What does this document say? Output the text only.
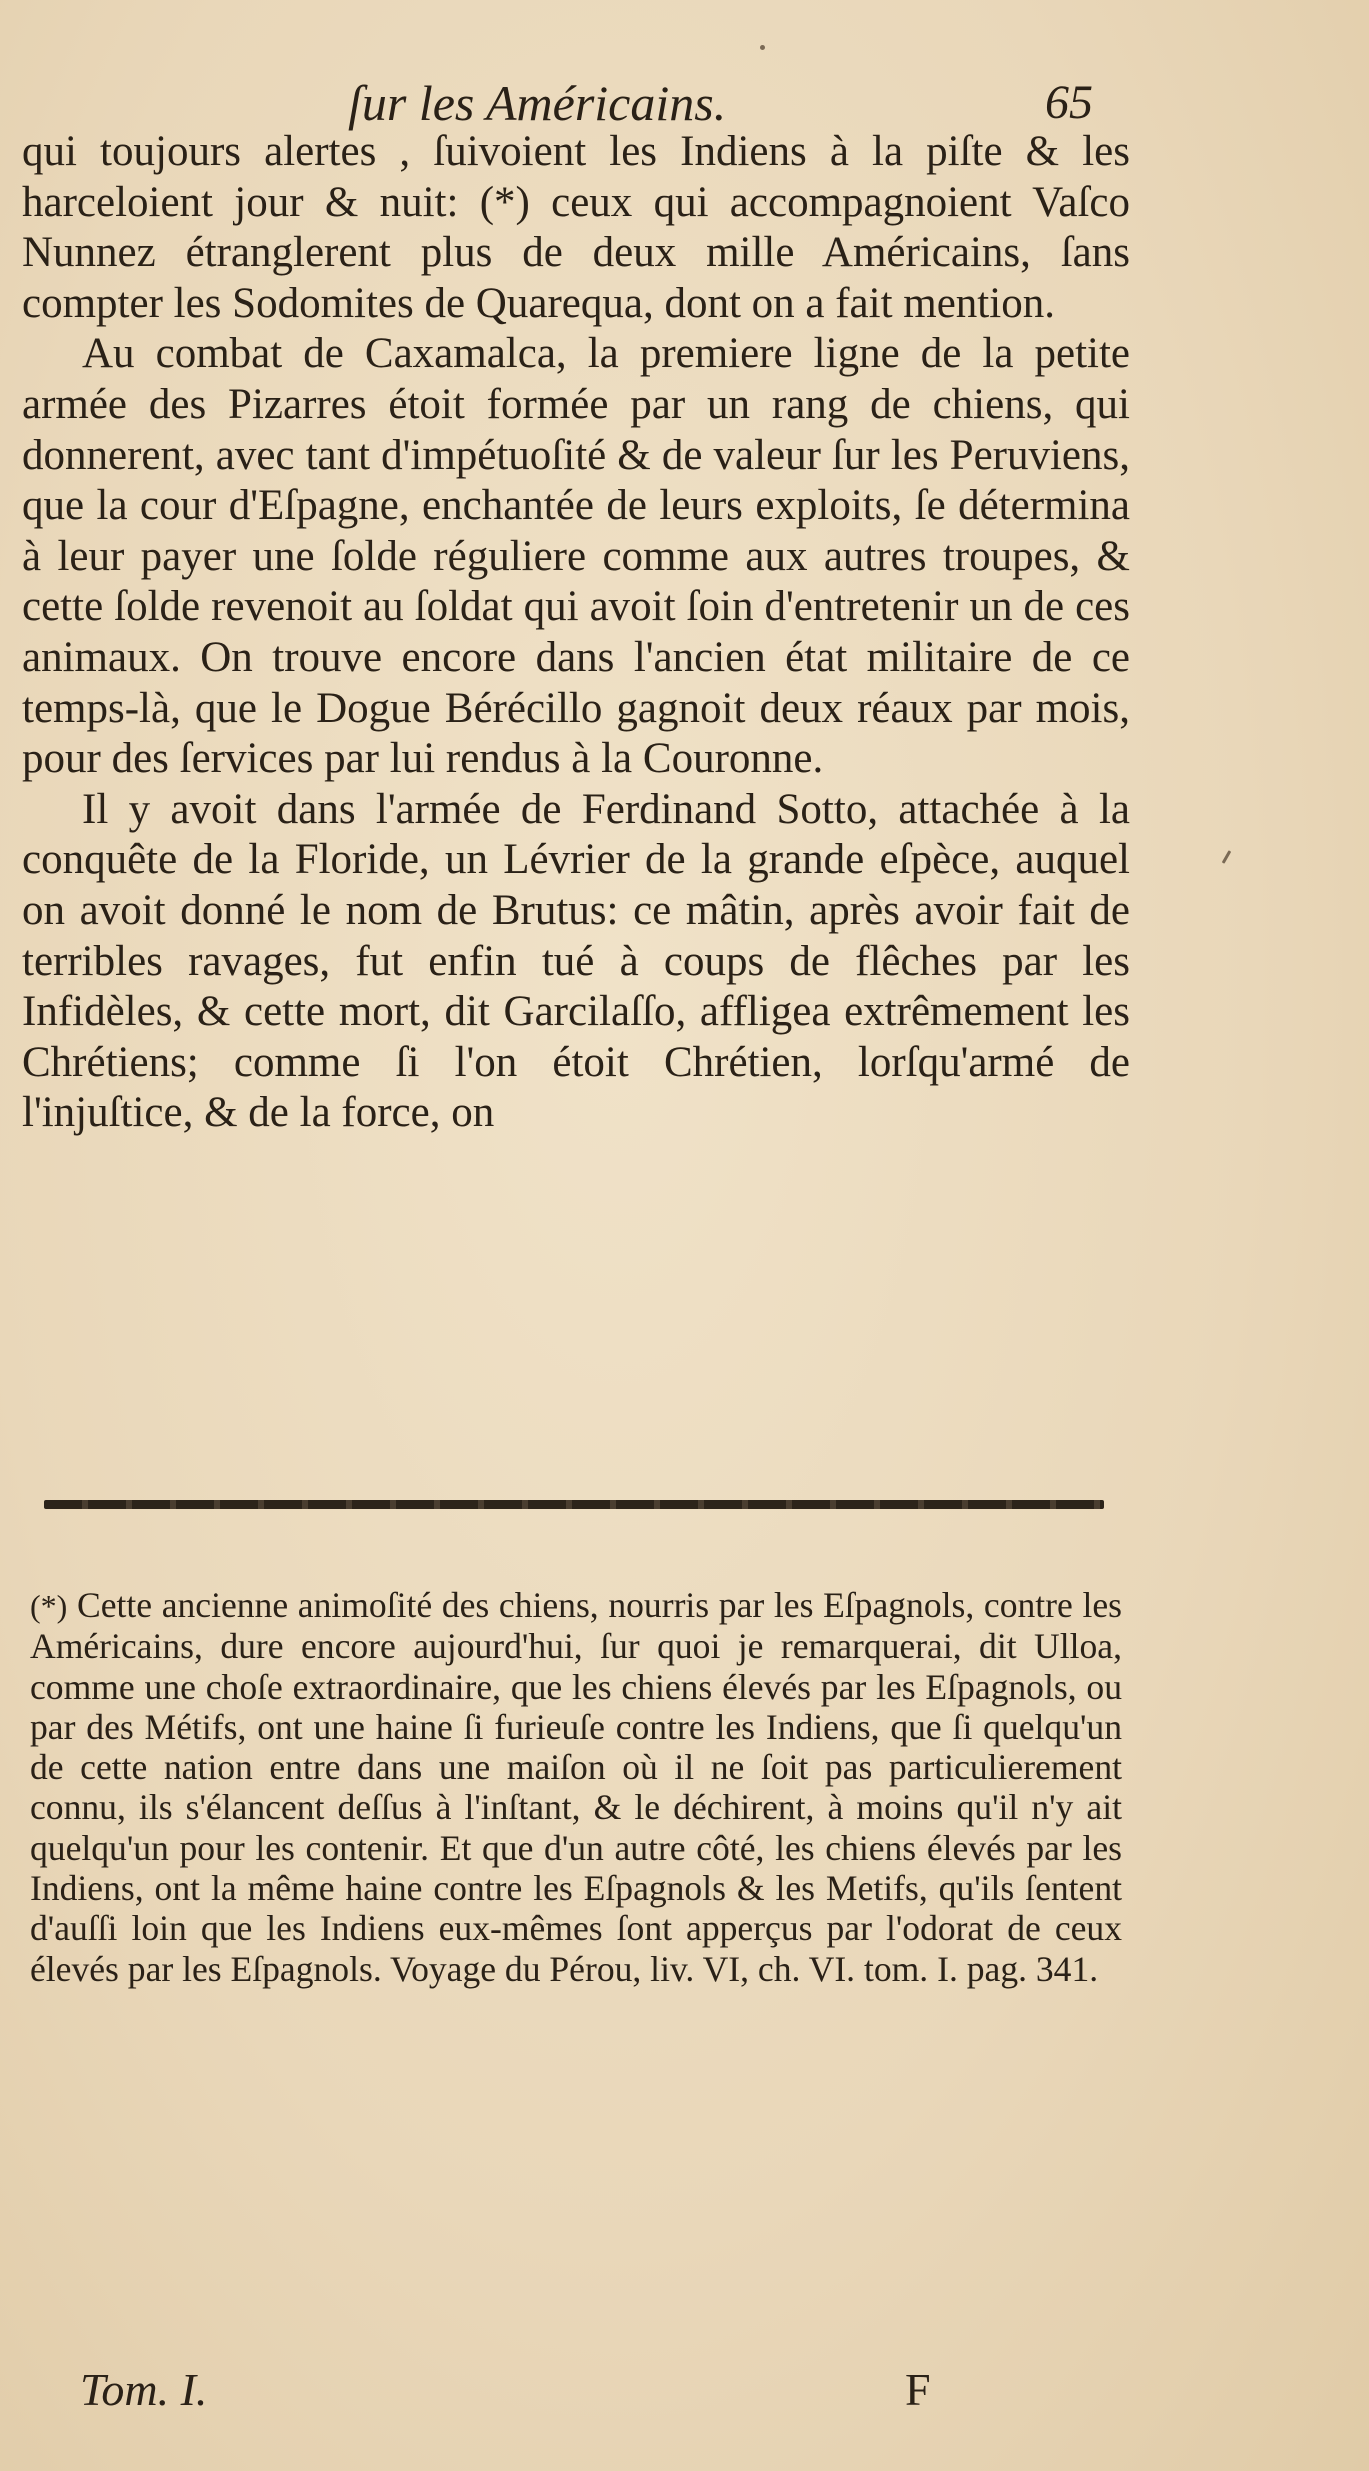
ſur les Américains.	65

qui toujours alertes , ſuivoient les Indiens à la piſte & les harceloient jour & nuit: (*) ceux qui accompagnoient Vaſco Nunnez étranglerent plus de deux mille Américains, ſans compter les Sodomites de Quarequa, dont on a fait mention.

Au combat de Caxamalca, la premiere ligne de la petite armée des Pizarres étoit formée par un rang de chiens, qui donnerent, avec tant d'impétuoſité & de valeur ſur les Peruviens, que la cour d'Eſpagne, enchantée de leurs exploits, ſe détermina à leur payer une ſolde réguliere comme aux autres troupes, & cette ſolde revenoit au ſoldat qui avoit ſoin d'entretenir un de ces animaux. On trouve encore dans l'ancien état militaire de ce temps-là, que le Dogue Bérécillo gagnoit deux réaux par mois, pour des ſervices par lui rendus à la Couronne.

Il y avoit dans l'armée de Ferdinand Sotto, attachée à la conquête de la Floride, un Lévrier de la grande eſpèce, auquel on avoit donné le nom de Brutus: ce mâtin, après avoir fait de terribles ravages, fut enfin tué à coups de flêches par les Infidèles, & cette mort, dit Garcilaſſo, affligea extrêmement les Chrétiens; comme ſi l'on étoit Chrétien, lorſqu'armé de l'injuſtice, & de la force, on

(*) Cette ancienne animoſité des chiens, nourris par les Eſpagnols, contre les Américains, dure encore aujourd'hui, ſur quoi je remarquerai, dit Ulloa, comme une choſe extraordinaire, que les chiens élevés par les Eſpagnols, ou par des Métifs, ont une haine ſi furieuſe contre les Indiens, que ſi quelqu'un de cette nation entre dans une maiſon où il ne ſoit pas particulierement connu, ils s'élancent deſſus à l'inſtant, & le déchirent, à moins qu'il n'y ait quelqu'un pour les contenir. Et que d'un autre côté, les chiens élevés par les Indiens, ont la même haine contre les Eſpagnols & les Metifs, qu'ils ſentent d'auſſi loin que les Indiens eux-mêmes ſont apperçus par l'odorat de ceux élevés par les Eſpagnols. Voyage du Pérou, liv. VI, ch. VI. tom. I. pag. 341.

Tom. I.	F
